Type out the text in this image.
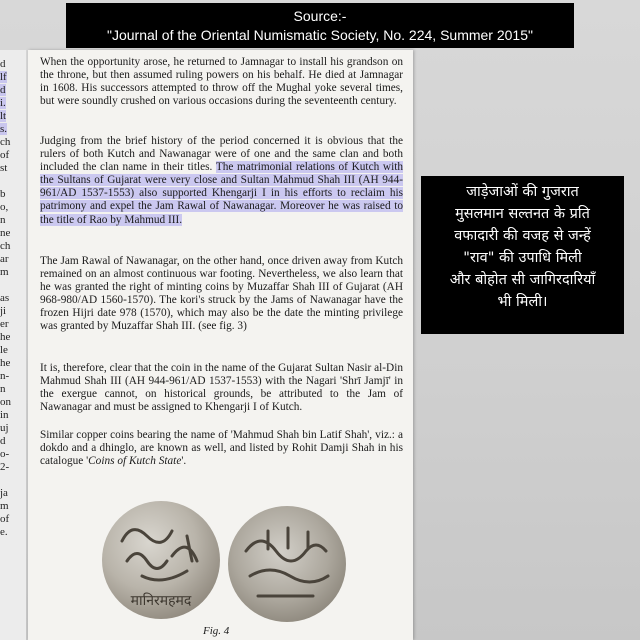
Source:-
"Journal of the Oriental Numismatic Society, No. 224, Summer 2015"
d
lf
d
i.
lt
s.
ch
of
st
b
o,
n
ne
ch
ar
m
as
ji
er
he
le
he
n-
n
on
in
uj
d
o-
2-
ja
m
of
e.

When the opportunity arose, he returned to Jamnagar to install his grandson on the throne, but then assumed ruling powers on his behalf. He died at Jamnagar in 1608. His successors attempted to throw off the Mughal yoke several times, but were soundly crushed on various occasions during the seventeenth century.

Judging from the brief history of the period concerned it is obvious that the rulers of both Kutch and Nawanagar were of one and the same clan and both included the clan name in their titles. The matrimonial relations of Kutch with the Sultans of Gujarat were very close and Sultan Mahmud Shah III (AH 944-961/AD 1537-1553) also supported Khengarji I in his efforts to reclaim his patrimony and expel the Jam Rawal of Nawanagar. Moreover he was raised to the title of Rao by Mahmud III.

The Jam Rawal of Nawanagar, on the other hand, once driven away from Kutch remained on an almost continuous war footing. Nevertheless, we also learn that he was granted the right of minting coins by Muzaffar Shah III of Gujarat (AH 968-980/AD 1560-1570). The kori's struck by the Jams of Nawanagar have the frozen Hijri date 978 (1570), which may also be the date the minting privilege was granted by Muzaffar Shah III. (see fig. 3)

It is, therefore, clear that the coin in the name of the Gujarat Sultan Nasir al-Din Mahmud Shah III (AH 944-961/AD 1537-1553) with the Nagari 'Shrī Jamjī' in the exergue cannot, on historical grounds, be attributed to the Jam of Nawanagar and must be assigned to Khengarji I of Kutch.

Similar copper coins bearing the name of 'Mahmud Shah bin Latif Shah', viz.: a dokdo and a dhinglo, are known as well, and listed by Rohit Damji Shah in his catalogue 'Coins of Kutch State'.

मानिरमहमद
Fig. 4
जाड़ेजाओं की गुजरात
मुसलमान सल्तनत के प्रति
वफादारी की वजह से जन्हें
"राव" की उपाधि मिली
और बोहोत सी जागिरदारियाँ
भी मिली।
